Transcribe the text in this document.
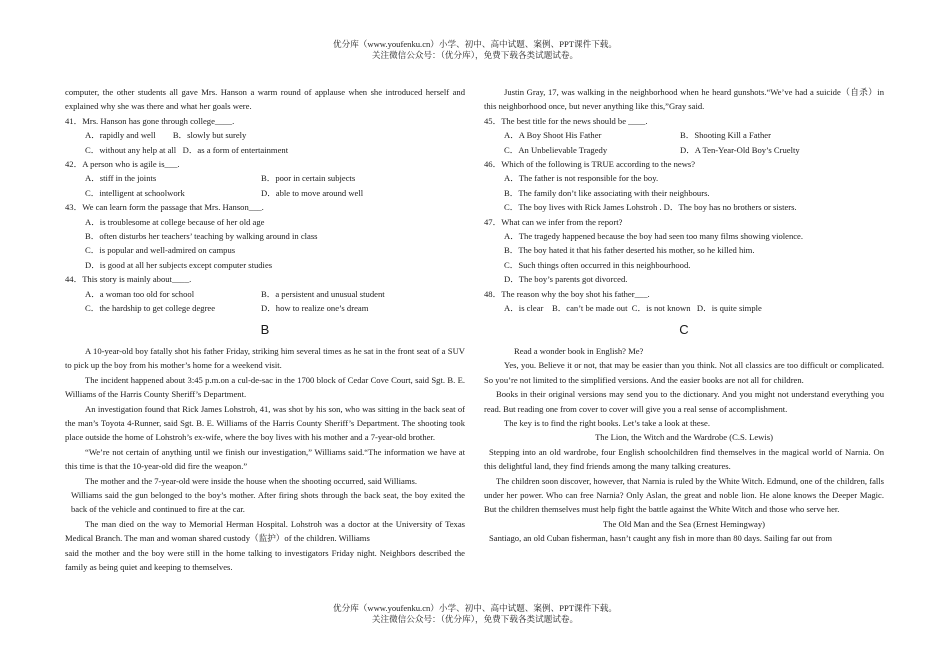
优分库（www.youfenku.cn）小学、初中、高中试题、案例、PPT课件下载。
关注微信公众号：（优分库），免费下载各类试题试卷。

computer, the other students all gave Mrs. Hanson a warm round of applause when she introduced herself and explained why she was there and what her goals were.

41．Mrs. Hanson has gone through college____.

A．rapidly and well        B．slowly but surely

C．without any help at all   D．as a form of entertainment

42．A person who is agile is___.

A．stiff in the joints	B．poor in certain subjects
C．intelligent at schoolwork	D．able to move around well

43．We can learn form the passage that Mrs. Hanson___.

A．is troublesome at college because of her old age

B．often disturbs her teachers’ teaching by walking around in class

C．is popular and well-admired on campus

D．is good at all her subjects except computer studies

44．This story is mainly about____.

A．a woman too old for school	B．a persistent and unusual student
C．the hardship to get college degree	D．how to realize one’s dream
B

A 10-year-old boy fatally shot his father Friday, striking him several times as he sat in the front seat of a SUV to pick up the boy from his mother’s home for a weekend visit.

The incident happened about 3:45 p.m.on a cul-de-sac in the 1700 block of Cedar Cove Court, said Sgt. B. E. Williams of the Harris County Sheriff’s Department.

An investigation found that Rick James Lohstroh, 41, was shot by his son, who was sitting in the back seat of the man’s Toyota 4-Runner, said Sgt. B. E. Williams of the Harris County Sheriff’s Department. The shooting took place outside the home of Lohstroh’s ex-wife, where the boy lives with his mother and a 7-year-old brother.

“We’re not certain of anything until we finish our investigation,” Williams said.“The information we have at this time is that the 10-year-old did fire the weapon.”

The mother and the 7-year-old were inside the house when the shooting occurred, said Williams.

Williams said the gun belonged to the boy’s mother. After firing shots through the back seat, the boy exited the back of the vehicle and continued to fire at the car.

The man died on the way to Memorial Herman Hospital. Lohstroh was a doctor at the University of Texas Medical Branch. The man and woman shared custody（监护）of the children. Williams

said the mother and the boy were still in the home talking to investigators Friday night. Neighbors described the family as being quiet and keeping to themselves.

Justin Gray, 17, was walking in the neighborhood when he heard gunshots.“We’ve had a suicide（自杀）in this neighborhood once, but never anything like this,”Gray said.

45．The best title for the news should be ____.

A．A Boy Shoot His Father	B．Shooting Kill a Father
C．An Unbelievable Tragedy	D．A Ten-Year-Old Boy’s Cruelty

46．Which of the following is TRUE according to the news?

A．The father is not responsible for the boy.

B．The family don’t like associating with their neighbours.

C．The boy lives with Rick James Lohstroh . D．The boy has no brothers or sisters.

47．What can we infer from the report?

A．The tragedy happened because the boy had seen too many films showing violence.

B．The boy hated it that his father deserted his mother, so he killed him.

C．Such things often occurred in this neighbourhood.

D．The boy’s parents got divorced.

48．The reason why the boy shot his father___.

A．is clear    B．can’t be made out  C．is not known   D．is quite simple

C

Read a wonder book in English? Me?

Yes, you. Believe it or not, that may be easier than you think. Not all classics are too difficult or complicated. So you’re not limited to the simplified versions. And the easier books are not all for children.

Books in their original versions may send you to the dictionary. And you might not understand everything you read. But reading one from cover to cover will give you a real sense of accomplishment.

The key is to find the right books. Let’s take a look at these.

The Lion, the Witch and the Wardrobe (C.S. Lewis)

Stepping into an old wardrobe, four English schoolchildren find themselves in the magical world of Narnia. On this delightful land, they find friends among the many talking creatures.

The children soon discover, however, that Narnia is ruled by the White Witch. Edmund, one of the children, falls under her power. Who can free Narnia? Only Aslan, the great and noble lion. He alone knows the Deeper Magic. But the children themselves must help fight the battle against the White Witch and those who serve her.

The Old Man and the Sea (Ernest Hemingway)

Santiago, an old Cuban fisherman, hasn’t caught any fish in more than 80 days. Sailing far out from

优分库（www.youfenku.cn）小学、初中、高中试题、案例、PPT课件下载。
关注微信公众号：（优分库），免费下载各类试题试卷。
